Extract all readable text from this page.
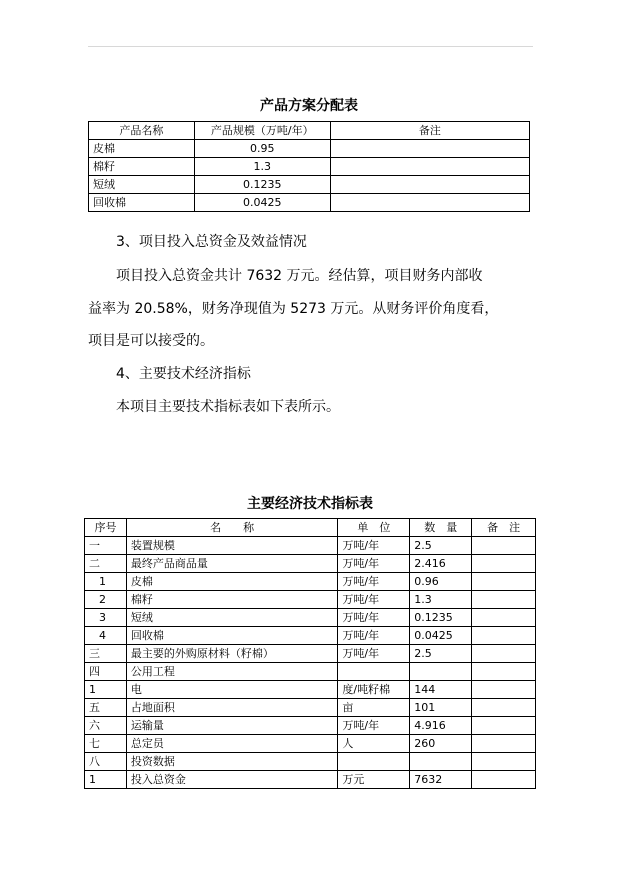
产品方案分配表
产品名称	产品规模（万吨/年）	备注
皮棉	0.95	
棉籽	1.3	
短绒	0.1235	
回收棉	0.0425	
3、项目投入总资金及效益情况
项目投入总资金共计 7632 万元。经估算，项目财务内部收
益率为 20.58%，财务净现值为 5273 万元。从财务评价角度看，
项目是可以接受的。
4、主要技术经济指标
本项目主要技术指标表如下表所示。
主要经济技术指标表
序号	名　　称	单　位	数　量	备　注
一	装置规模	万吨/年	2.5	
二	最终产品商品量	万吨/年	2.416	
1	皮棉	万吨/年	0.96	
2	棉籽	万吨/年	1.3	
3	短绒	万吨/年	0.1235	
4	回收棉	万吨/年	0.0425	
三	最主要的外购原材料（籽棉）	万吨/年	2.5	
四	公用工程			
1	电	度/吨籽棉	144	
五	占地面积	亩	101	
六	运输量	万吨/年	4.916	
七	总定员	人	260	
八	投资数据			
1	投入总资金	万元	7632	
